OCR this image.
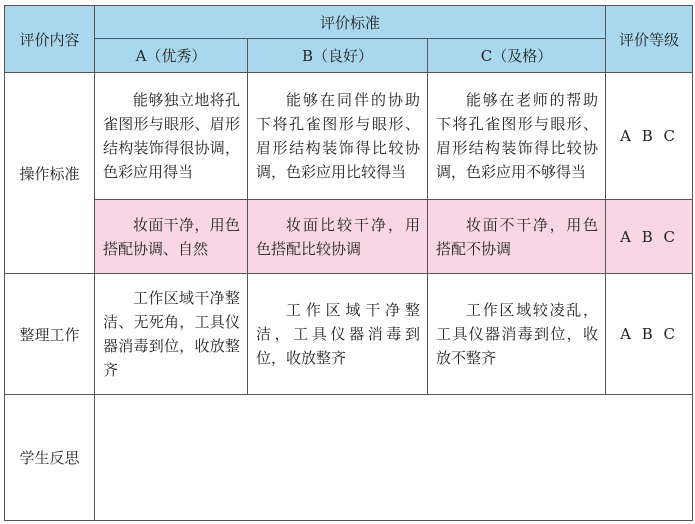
评价内容	评价标准			评价等级
	A（优秀）	B（良好）	C（及格）	
操作标准	能够独立地将孔雀图形与眼形、眉形结构装饰得很协调，色彩应用得当	能够在同伴的协助下将孔雀图形与眼形、眉形结构装饰得比较协调，色彩应用比较得当	能够在老师的帮助下将孔雀图形与眼形、眉形结构装饰得比较协调，色彩应用不够得当	A B C
	妆面干净，用色搭配协调、自然	妆面比较干净，用色搭配比较协调	妆面不干净，用色搭配不协调	A B C
整理工作	工作区域干净整洁、无死角，工具仪器消毒到位，收放整齐	工作区域干净整洁，工具仪器消毒到位，收放整齐	工作区域较凌乱，工具仪器消毒到位，收放不整齐	A B C
学生反思				
